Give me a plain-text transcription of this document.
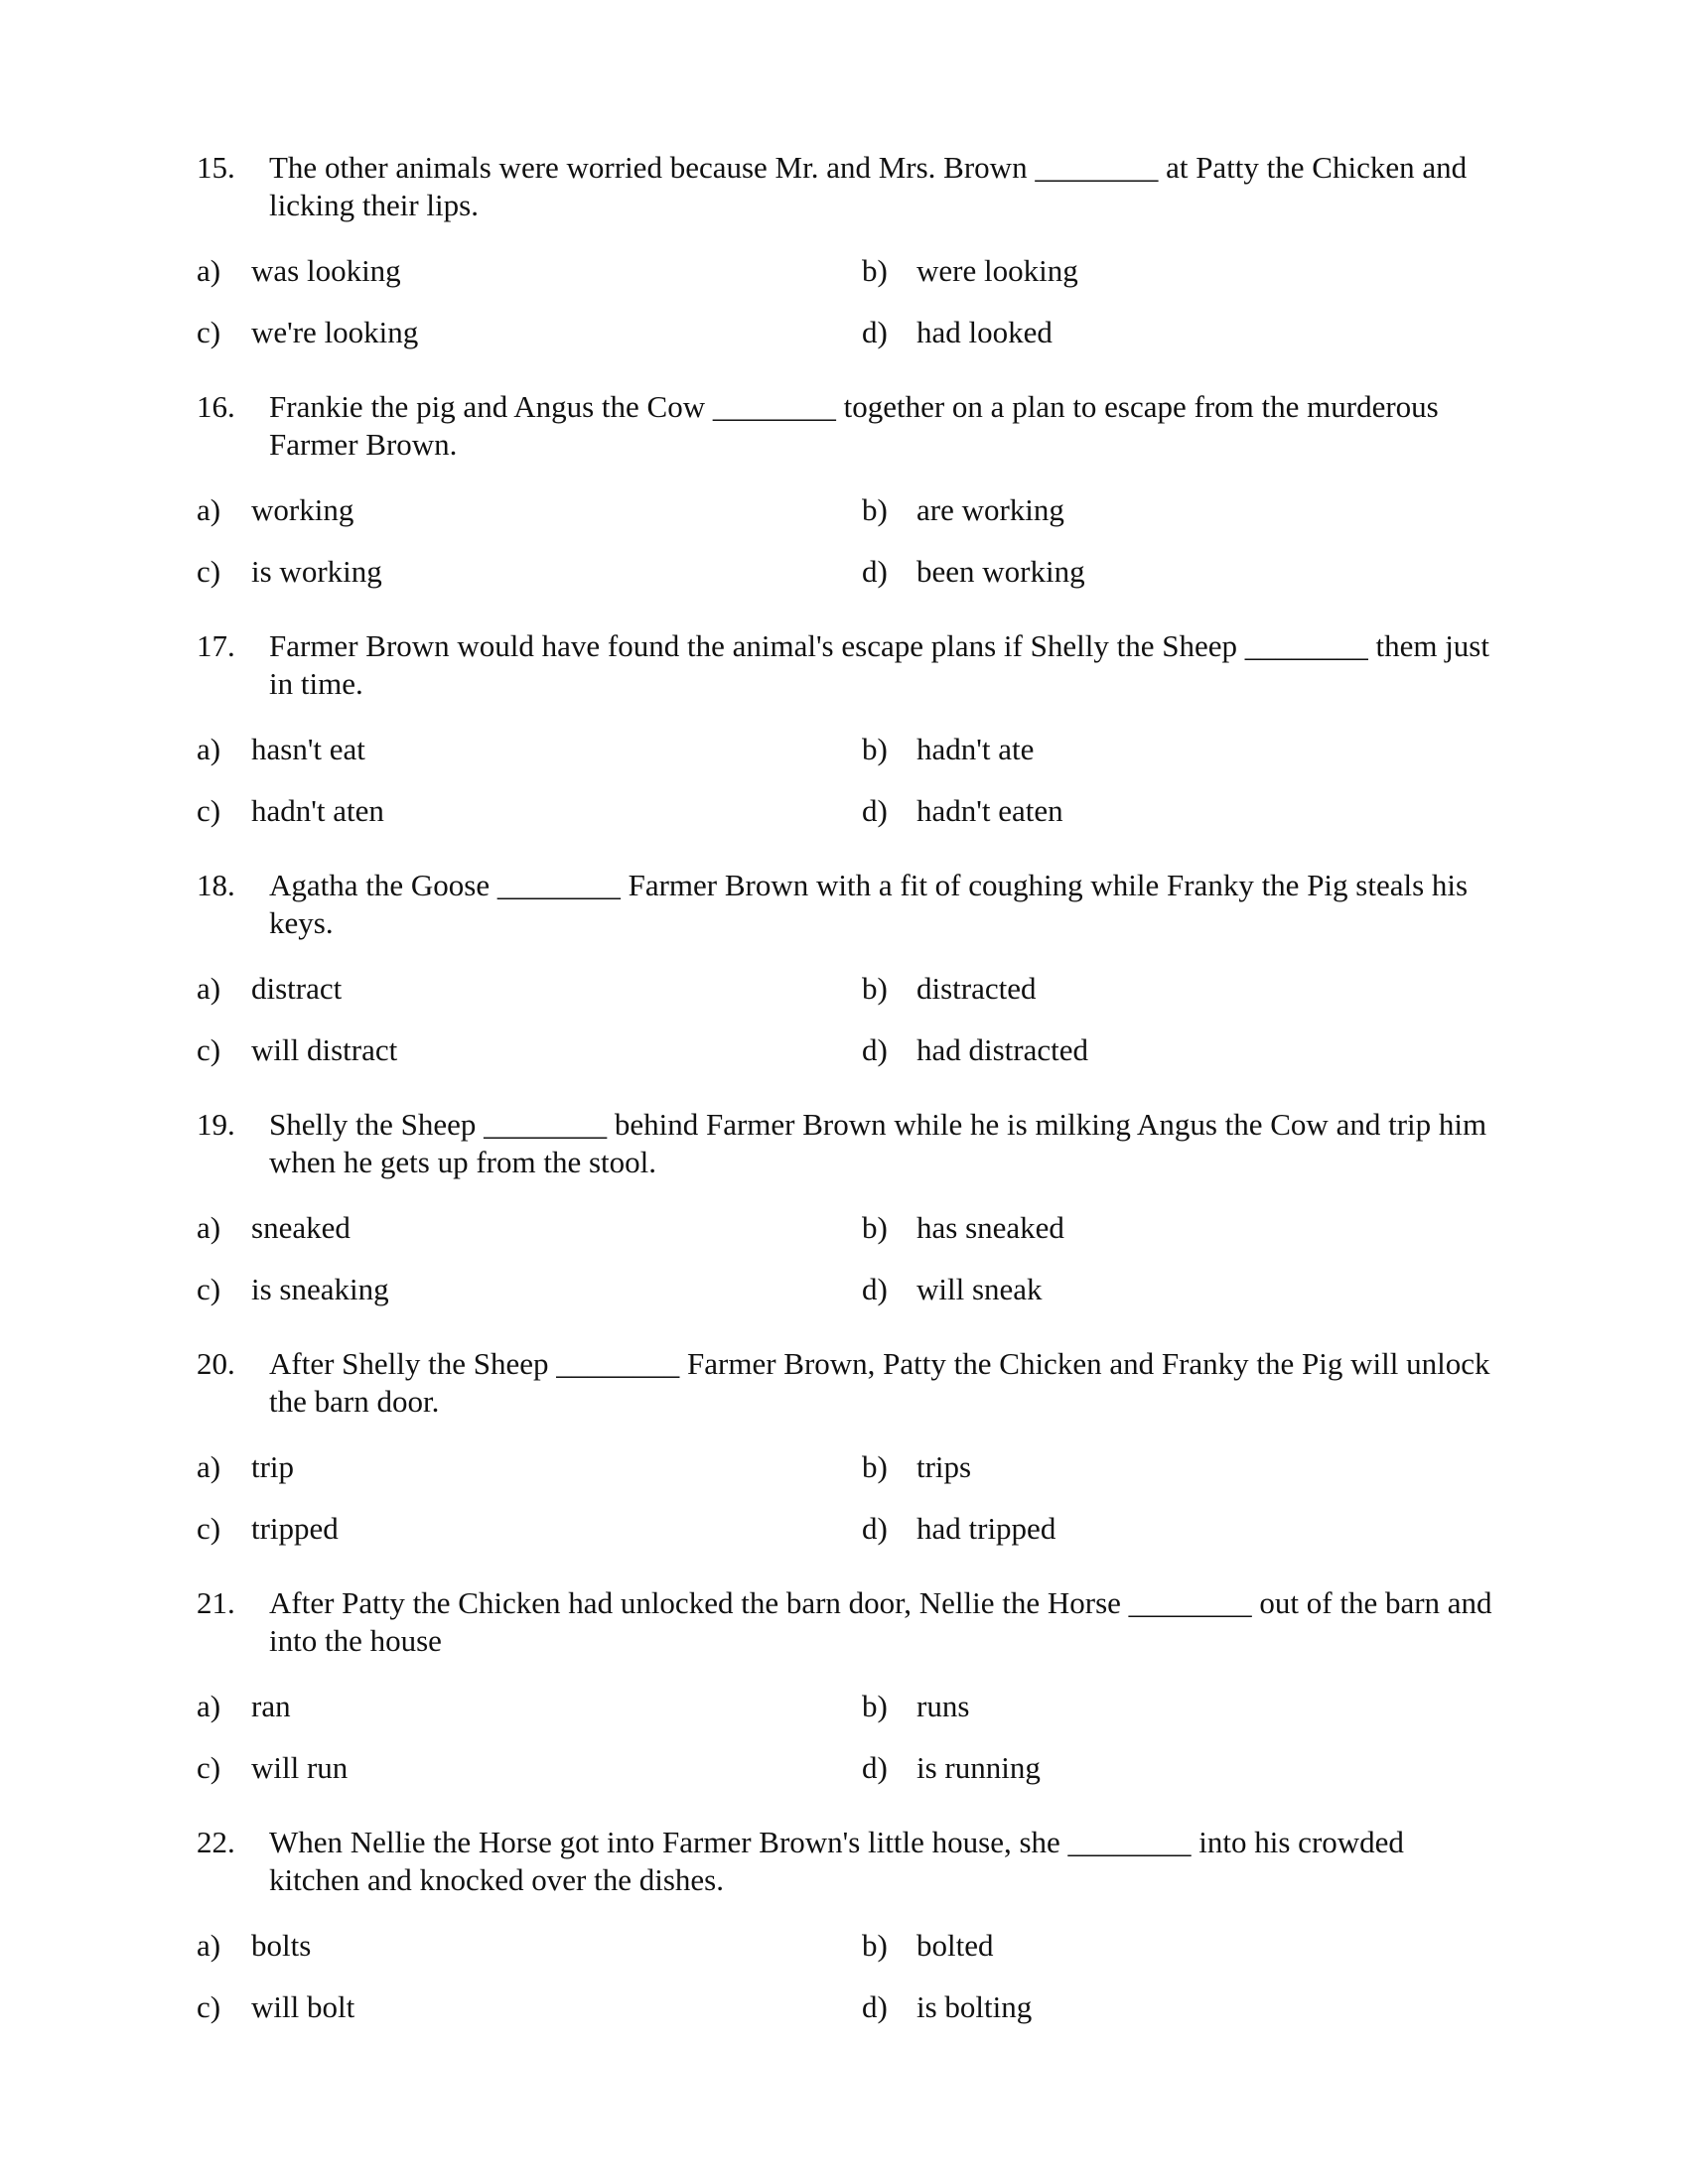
15. The other animals were worried because Mr. and Mrs. Brown ________ at Patty the Chicken and licking their lips.
a) was looking	b) were looking
c) we're looking	d) had looked
16. Frankie the pig and Angus the Cow ________ together on a plan to escape from the murderous Farmer Brown.
a) working	b) are working
c) is working	d) been working
17. Farmer Brown would have found the animal's escape plans if Shelly the Sheep ________ them just in time.
a) hasn't eat	b) hadn't ate
c) hadn't aten	d) hadn't eaten
18. Agatha the Goose ________ Farmer Brown with a fit of coughing while Franky the Pig steals his keys.
a) distract	b) distracted
c) will distract	d) had distracted
19. Shelly the Sheep ________ behind Farmer Brown while he is milking Angus the Cow and trip him when he gets up from the stool.
a) sneaked	b) has sneaked
c) is sneaking	d) will sneak
20. After Shelly the Sheep ________ Farmer Brown, Patty the Chicken and Franky the Pig will unlock the barn door.
a) trip	b) trips
c) tripped	d) had tripped
21. After Patty the Chicken had unlocked the barn door, Nellie the Horse ________ out of the barn and into the house
a) ran	b) runs
c) will run	d) is running
22. When Nellie the Horse got into Farmer Brown's little house, she ________ into his crowded kitchen and knocked over the dishes.
a) bolts	b) bolted
c) will bolt	d) is bolting
